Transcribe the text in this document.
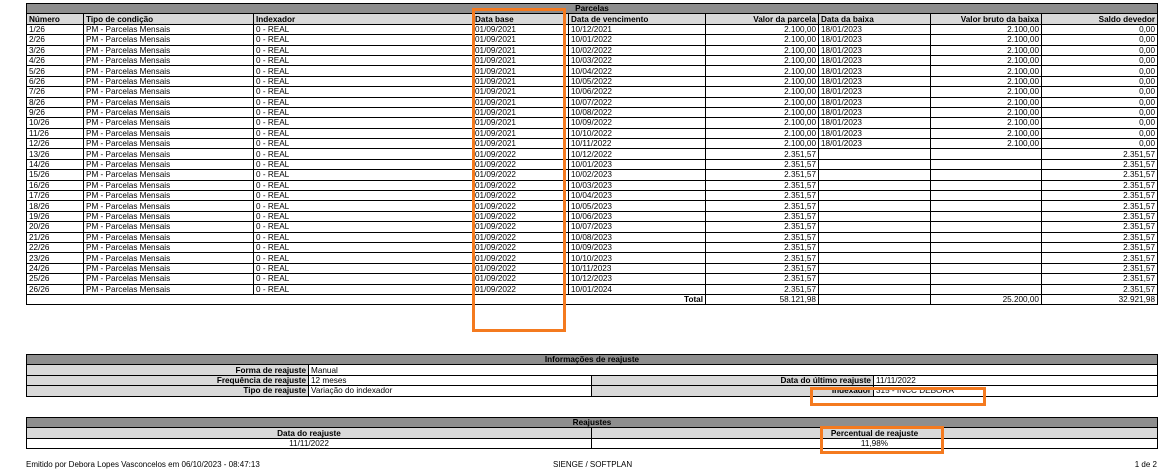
Parcelas								
Número	Tipo de condição	Indexador	Data base	Data de vencimento	Valor da parcela	Data da baixa	Valor bruto da baixa	Saldo devedor
1/26	PM - Parcelas Mensais	0 - REAL	01/09/2021	10/12/2021	2.100,00	18/01/2023	2.100,00	0,00
2/26	PM - Parcelas Mensais	0 - REAL	01/09/2021	10/01/2022	2.100,00	18/01/2023	2.100,00	0,00
3/26	PM - Parcelas Mensais	0 - REAL	01/09/2021	10/02/2022	2.100,00	18/01/2023	2.100,00	0,00
4/26	PM - Parcelas Mensais	0 - REAL	01/09/2021	10/03/2022	2.100,00	18/01/2023	2.100,00	0,00
5/26	PM - Parcelas Mensais	0 - REAL	01/09/2021	10/04/2022	2.100,00	18/01/2023	2.100,00	0,00
6/26	PM - Parcelas Mensais	0 - REAL	01/09/2021	10/05/2022	2.100,00	18/01/2023	2.100,00	0,00
7/26	PM - Parcelas Mensais	0 - REAL	01/09/2021	10/06/2022	2.100,00	18/01/2023	2.100,00	0,00
8/26	PM - Parcelas Mensais	0 - REAL	01/09/2021	10/07/2022	2.100,00	18/01/2023	2.100,00	0,00
9/26	PM - Parcelas Mensais	0 - REAL	01/09/2021	10/08/2022	2.100,00	18/01/2023	2.100,00	0,00
10/26	PM - Parcelas Mensais	0 - REAL	01/09/2021	10/09/2022	2.100,00	18/01/2023	2.100,00	0,00
11/26	PM - Parcelas Mensais	0 - REAL	01/09/2021	10/10/2022	2.100,00	18/01/2023	2.100,00	0,00
12/26	PM - Parcelas Mensais	0 - REAL	01/09/2021	10/11/2022	2.100,00	18/01/2023	2.100,00	0,00
13/26	PM - Parcelas Mensais	0 - REAL	01/09/2022	10/12/2022	2.351,57			2.351,57
14/26	PM - Parcelas Mensais	0 - REAL	01/09/2022	10/01/2023	2.351,57			2.351,57
15/26	PM - Parcelas Mensais	0 - REAL	01/09/2022	10/02/2023	2.351,57			2.351,57
16/26	PM - Parcelas Mensais	0 - REAL	01/09/2022	10/03/2023	2.351,57			2.351,57
17/26	PM - Parcelas Mensais	0 - REAL	01/09/2022	10/04/2023	2.351,57			2.351,57
18/26	PM - Parcelas Mensais	0 - REAL	01/09/2022	10/05/2023	2.351,57			2.351,57
19/26	PM - Parcelas Mensais	0 - REAL	01/09/2022	10/06/2023	2.351,57			2.351,57
20/26	PM - Parcelas Mensais	0 - REAL	01/09/2022	10/07/2023	2.351,57			2.351,57
21/26	PM - Parcelas Mensais	0 - REAL	01/09/2022	10/08/2023	2.351,57			2.351,57
22/26	PM - Parcelas Mensais	0 - REAL	01/09/2022	10/09/2023	2.351,57			2.351,57
23/26	PM - Parcelas Mensais	0 - REAL	01/09/2022	10/10/2023	2.351,57			2.351,57
24/26	PM - Parcelas Mensais	0 - REAL	01/09/2022	10/11/2023	2.351,57			2.351,57
25/26	PM - Parcelas Mensais	0 - REAL	01/09/2022	10/12/2023	2.351,57			2.351,57
26/26	PM - Parcelas Mensais	0 - REAL	01/09/2022	10/01/2024	2.351,57			2.351,57
Total					58.121,98		25.200,00	32.921,98
Informações de reajuste			
Forma de reajuste	Manual		
Frequência de reajuste	12 meses	Data do último reajuste	11/11/2022
Tipo de reajuste	Variação do indexador	Indexador	315 - INCC DEBORA
Reajustes	
Data do reajuste	Percentual de reajuste
11/11/2022	11,98%
Emitido por Debora Lopes Vasconcelos em 06/10/2023 - 08:47:13	SIENGE / SOFTPLAN	1 de 2
